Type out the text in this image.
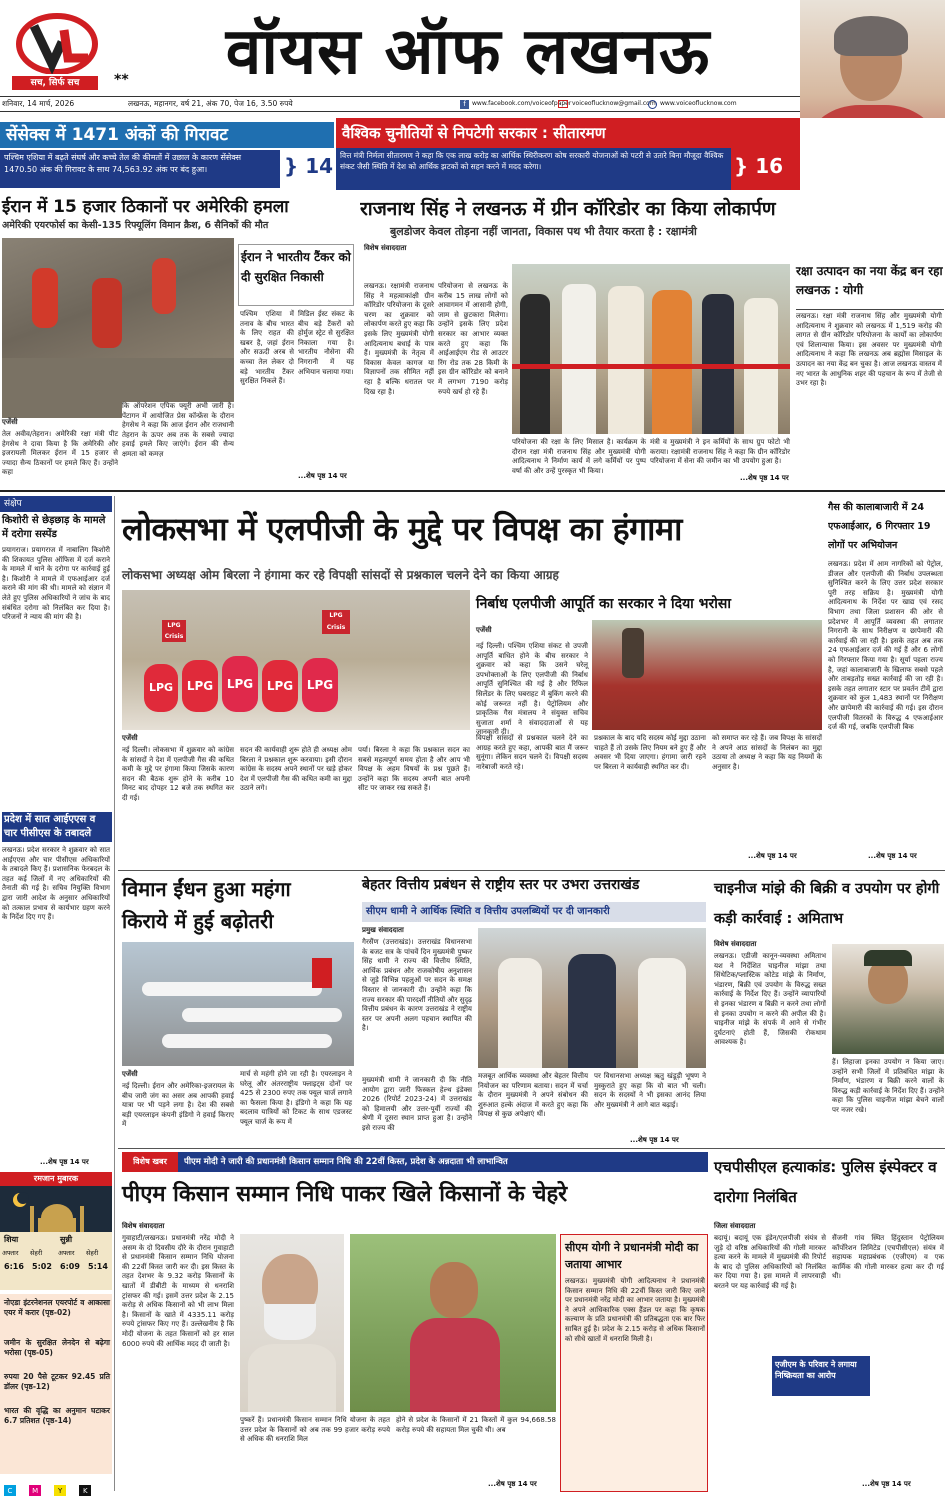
सच, सिर्फ सच	वॉयस ऑफ लखनऊ
**
शनिवार, 14 मार्च, 2026	लखनऊ, महानगर, वर्ष 21, अंक 70, पेज 16, 3.50 रुपये	f	www.facebook.com/voiceofpaper voiceoflucknow@gmail.com www.voiceoflucknow.com
सेंसेक्स में 1471 अंकों की गिरावट
पश्चिम एशिया में बढ़ते संघर्ष और कच्चे तेल की कीमतों में उछाल के कारण सेंसेक्स 1470.50 अंक की गिरावट के साथ 74,563.92 अंक पर बंद हुआ।	} 14
वैश्विक चुनौतियों से निपटेगी सरकार : सीतारमण
वित्त मंत्री निर्मला सीतारमण ने कहा कि एक लाख करोड़ का आर्थिक स्थिरीकरण कोष सरकारी योजनाओं को पटरी से उतारे बिना मौजूदा वैश्विक संकट जैसी स्थिति में देश को आर्थिक झटकों को सहन करने में मदद करेगा।	} 16
ईरान में 15 हजार ठिकानों पर अमेरिकी हमला
अमेरिकी एयरफोर्स का केसी-135 रिफ्यूलिंग विमान क्रैश, 6 सैनिकों की मौत
ईरान ने भारतीय टैंकर को दी सुरक्षित निकासी
पश्चिम एशिया में तनाव के बीच भारत के लिए राहत की खबर है, जहां ईरान और सऊदी अरब से कच्चा तेल लेकर दो बड़े भारतीय टैंकर सुरक्षित निकले हैं।
मिडिल ईस्ट संकट के बीच बड़े टैंकरों को होर्मुज स्ट्रेट से सुरक्षित निकाला गया है। भारतीय नौसेना की निगरानी में यह अभियान चलाया गया।
...शेष पृष्ठ 14 पर
एजेंसी
तेल अवीव/तेहरान। अमेरिकी रक्षा मंत्री पीट हेगसेथ ने दावा किया है कि अमेरिकी और इजरायली मिलकर ईरान में 15 हजार से ज्यादा सैन्य ठिकानों पर हमले किए हैं। उन्होंने कहा
कि ऑपरेशन एपिक फ्यूरी अभी जारी है। पेंटागन में आयोजित प्रेस कॉन्फ्रेंस के दौरान हेगसेथ ने कहा कि आज ईरान और राजधानी तेहरान के ऊपर अब तक के सबसे ज्यादा हवाई हमले किए जाएंगे। ईरान की सैन्य क्षमता को कमज़
राजनाथ सिंह ने लखनऊ में ग्रीन कॉरिडोर का किया लोकार्पण
बुलडोजर केवल तोड़ना नहीं जानता, विकास पथ भी तैयार करता है : रक्षामंत्री
विशेष संवाददाता
लखनऊ। रक्षामंत्री राजनाथ सिंह ने महत्वाकांक्षी ग्रीन कॉरिडोर परियोजना के दूसरे चरण का शुक्रवार को लोकार्पण करते हुए कहा कि इसके लिए मुख्यमंत्री योगी आदित्यनाथ बधाई के पात्र हैं। मुख्यमंत्री के नेतृत्व में विकास केवल कागज या विज्ञापनों तक सीमित नहीं रहा है बल्कि धरातल पर दिख रहा है।
परियोजना से लखनऊ के करीब 15 लाख लोगों को आवागमन में आसानी होगी, जाम से छुटकारा मिलेगा। उन्होंने इसके लिए प्रदेश सरकार का आभार व्यक्त करते हुए कहा कि आईआईएम रोड से आउटर रिंग रोड तक 28 किमी के इस ग्रीन कॉरिडोर को बनाने में लगभग 7190 करोड़ रुपये खर्च हो रहे हैं।
परियोजना की रक्षा के लिए मिसाल है। कार्यक्रम के दौरान रक्षा मंत्री राजनाथ सिंह और मुख्यमंत्री योगी आदित्यनाथ ने निर्माण कार्य में लगे कर्मियों पर पुष्प वर्षा की और उन्हें पुरस्कृत भी किया।
मंत्री व मुख्यमंत्री ने इन कर्मियों के साथ ग्रुप फोटो भी कराया। रक्षामंत्री राजनाथ सिंह ने कहा कि ग्रीन कॉरिडोर परियोजना में सेना की जमीन का भी उपयोग हुआ है।
...शेष पृष्ठ 14 पर
रक्षा उत्पादन का नया केंद्र बन रहा लखनऊ : योगी
लखनऊ। रक्षा मंत्री राजनाथ सिंह और मुख्यमंत्री योगी आदित्यनाथ ने शुक्रवार को लखनऊ में 1,519 करोड़ की लागत से ग्रीन कॉरिडोर परियोजना के कार्यों का लोकार्पण एवं शिलान्यास किया। इस अवसर पर मुख्यमंत्री योगी आदित्यनाथ ने कहा कि लखनऊ अब ब्रह्मोस मिसाइल के उत्पादन का नया केंद्र बन चुका है। आज लखनऊ वास्तव में नए भारत के आधुनिक शहर की पहचान के रूप में तेजी से उभर रहा है।
संक्षेप
किशोरी से छेड़छाड़ के मामले में दरोगा सस्पेंड
प्रयागराज। प्रयागराज में नाबालिग किशोरी की शिकायत पुलिस ऑफिस में दर्ज कराने के मामले में थाने के दरोगा पर कार्रवाई हुई है। किशोरी ने मामले में एफआईआर दर्ज कराने की मांग की थी। मामले को संज्ञान में लेते हुए पुलिस अधिकारियों ने जांच के बाद संबंधित दरोगा को निलंबित कर दिया है। परिजनों ने न्याय की मांग की है।
प्रदेश में सात आईएएस व चार पीसीएस के तबादले
लखनऊ। प्रदेश सरकार ने शुक्रवार को सात आईएएस और चार पीसीएस अधिकारियों के तबादले किए हैं। प्रशासनिक फेरबदल के तहत कई जिलों में नए अधिकारियों की तैनाती की गई है। सचिव नियुक्ति विभाग द्वारा जारी आदेश के अनुसार अधिकारियों को तत्काल प्रभाव से कार्यभार ग्रहण करने के निर्देश दिए गए हैं।
...शेष पृष्ठ 14 पर
रमजान मुबारक
शिया	सुन्नी
अफ्तार सेहरी अफ्तार सेहरी
6:16 5:02 6:09 5:14
नोएडा इंटरनेशनल एयरपोर्ट व आकासा एयर में करार (पृष्ठ-02)
जमीन के सुरक्षित लेनदेन से बढ़ेगा भरोसा (पृष्ठ-05)
रुपया 20 पैसे टूटकर 92.45 प्रति डॉलर (पृष्ठ-12)
भारत की वृद्धि का अनुमान घटाकर 6.7 प्रतिशत (पृष्ठ-14)
C	M	Y	K
लोकसभा में एलपीजी के मुद्दे पर विपक्ष का हंगामा
लोकसभा अध्यक्ष ओम बिरला ने हंगामा कर रहे विपक्षी सांसदों से प्रश्नकाल चलने देने का किया आग्रह
LPG Crisis
LPG Crisis
LPG	LPG	LPG	LPG
LPG
निर्बाध एलपीजी आपूर्ति का सरकार ने दिया भरोसा
एजेंसी
नई दिल्ली। पश्चिम एशिया संकट से उपजी आपूर्ति बाधित होने के बीच सरकार ने शुक्रवार को कहा कि उसने घरेलू उपभोक्ताओं के लिए एलपीजी की निर्बाध आपूर्ति सुनिश्चित की गई है और रिफिल सिलेंडर के लिए घबराहट में बुकिंग करने की कोई जरूरत नहीं है। पेट्रोलियम और प्राकृतिक गैस मंत्रालय ने संयुक्त सचिव सुजाता शर्मा ने संवाददाताओं से यह जानकारी दी।
एजेंसी
नई दिल्ली। लोकसभा में शुक्रवार को कांग्रेस के सांसदों ने देश में एलपीजी गैस की कथित कमी के मुद्दे पर हंगामा किया जिसके कारण सदन की बैठक शुरू होने के करीब 10 मिनट बाद दोपहर 12 बजे तक स्थगित कर दी गई।
सदन की कार्यवाही शुरू होते ही अध्यक्ष ओम बिरला ने प्रश्नकाल शुरू करवाया। इसी दौरान कांग्रेस के सदस्य अपने स्थानों पर खड़े होकर देश में एलपीजी गैस की कथित कमी का मुद्दा उठाने लगे।
पर्या। बिरला ने कहा कि प्रश्नकाल सदन का सबसे महत्वपूर्ण समय होता है और आप भी विपक्ष के अहम विषयों के प्रश्न पूछते हैं। उन्होंने कहा कि सदस्य अपनी बात अपनी सीट पर जाकर रख सकते हैं।
विपक्षी सांसदों से प्रश्नकाल चलने देने का आग्रह करते हुए कहा, आपकी बात मैं जरूर सुनूंगा। लेकिन सदन चलने दें। विपक्षी सदस्य नारेबाजी करते रहे।
प्रश्नकाल के बाद यदि सदस्य कोई मुद्दा उठाना चाहते हैं तो उसके लिए नियम बने हुए हैं और अवसर भी दिया जाएगा। हंगामा जारी रहने पर बिरला ने कार्यवाही स्थगित कर दी।
को समाप्त कर रहे हैं। जब विपक्ष के सांसदों ने अपने आठ सांसदों के निलंबन का मुद्दा उठाया तो अध्यक्ष ने कहा कि यह नियमों के अनुसार है।
...शेष पृष्ठ 14 पर
गैस की कालाबाजारी में 24 एफआईआर, 6 गिरफ्तार 19 लोगों पर अभियोजन
लखनऊ। प्रदेश में आम नागरिकों को पेट्रोल, डीजल और एलपीजी की निर्बाध उपलब्धता सुनिश्चित करने के लिए उत्तर प्रदेश सरकार पूरी तरह सक्रिय है। मुख्यमंत्री योगी आदित्यनाथ के निर्देश पर खाद्य एवं रसद विभाग तथा जिला प्रशासन की ओर से प्रदेशभर में आपूर्ति व्यवस्था की लगातार निगरानी के साथ निरीक्षण व छापेमारी की कार्रवाई की जा रही है। इसके तहत अब तक 24 एफआईआर दर्ज की गई हैं और 6 लोगों को गिरफ्तार किया गया है। सूर्या पहला राज्य है, जहां कालाबाजारी के खिलाफ सबसे पहले और ताबड़तोड़ सख्त कार्रवाई की जा रही है। इसके तहत लगातार स्टार पर प्रवर्तन टीमें द्वारा शुक्रवार को कुल 1,483 स्थानों पर निरीक्षण और छापेमारी की कार्रवाई की गई। इस दौरान एलपीजी वितरकों के विरुद्ध 4 एफआईआर दर्ज की गई, जबकि एलपीजी बिक
...शेष पृष्ठ 14 पर
विमान ईंधन हुआ महंगा
किराये में हुई बढ़ोतरी
एजेंसी
नई दिल्ली। ईरान और अमेरिका-इजरायल के बीच जारी जंग का असर अब आपकी हवाई यात्रा पर भी पड़ने लगा है। देश की सबसे बड़ी एयरलाइन कंपनी इंडिगो ने हवाई किराए में
मार्च से महंगी होने जा रही है। एयरलाइन ने घरेलू और अंतरराष्ट्रीय फ्लाइट्स दोनों पर 425 से 2300 रुपए तक फ्यूल चार्ज लगाने का फैसला किया है। इंडिगो ने कहा कि यह बदलाव यात्रियों को टिकट के साथ एडजस्ट फ्यूल चार्ज के रूप में
बेहतर वित्तीय प्रबंधन से राष्ट्रीय स्तर पर उभरा उत्तराखंड
सीएम धामी ने आर्थिक स्थिति व वित्तीय उपलब्धियों पर दी जानकारी
प्रमुख संवाददाता
गैरसैंण (उत्तराखंड)। उत्तराखंड विधानसभा के बजट सत्र के पांचवें दिन मुख्यमंत्री पुष्कर सिंह धामी ने राज्य की वित्तीय स्थिति, आर्थिक प्रबंधन और राजकोषीय अनुशासन से जुड़े विभिन्न पहलुओं पर सदन के समक्ष विस्तार से जानकारी दी। उन्होंने कहा कि राज्य सरकार की पारदर्शी नीतियों और सुदृढ़ वित्तीय प्रबंधन के कारण उत्तराखंड ने राष्ट्रीय स्तर पर अपनी अलग पहचान स्थापित की है।
मुख्यमंत्री धामी ने जानकारी दी कि नीति आयोग द्वारा जारी फिस्कल हेल्थ इंडेक्स 2026 (रिपोर्ट 2023-24) में उत्तराखंड को हिमालयी और उत्तर-पूर्वी राज्यों की श्रेणी में दूसरा स्थान प्राप्त हुआ है। उन्होंने इसे राज्य की
मजबूत आर्थिक व्यवस्था और बेहतर वित्तीय नियोजन का परिणाम बताया। सदन में चर्चा के दौरान मुख्यमंत्री ने अपने संबोधन की शुरुआत हल्के अंदाज में करते हुए कहा कि विपक्ष से कुछ अपेक्षाएं थीं।
पर विधानसभा अध्यक्ष ऋतु खंडूड़ी भूषण ने मुस्कुराते हुए कहा कि वो बात भी चली। सदन के सदस्यों ने भी इसका आनंद लिया और मुख्यमंत्री ने आगे बात बढ़ाई।
...शेष पृष्ठ 14 पर
चाइनीज मांझे की बिक्री व उपयोग पर होगी कड़ी कार्रवाई : अमिताभ
विशेष संवाददाता
लखनऊ। एडीजी कानून-व्यवस्था अमिताभ यश ने निर्देशित चाइनीज मांझा तथा सिंथेटिक/प्लास्टिक कोटेड मांझे के निर्माण, भंडारण, बिक्री एवं उपयोग के विरुद्ध सख्त कार्रवाई के निर्देश दिए हैं। उन्होंने व्यापारियों से इनका भंडारण व बिक्री न करने तथा लोगों से इनका उपयोग न करने की अपील की है। चाइनीज मांझे के संपर्क में आने से गंभीर दुर्घटनाएं होती हैं, जिसकी रोकथाम आवश्यक है।
हैं। लिहाजा इनका उपयोग न किया जाए। उन्होंने सभी जिलों में प्रतिबंधित मांझा के निर्माण, भंडारण व बिक्री करने वालों के विरुद्ध कड़ी कार्रवाई के निर्देश दिए हैं। उन्होंने कहा कि पुलिस चाइनीज मांझा बेचने वालों पर नजर रखे।
विशेष खबर	पीएम मोदी ने जारी की प्रधानमंत्री किसान सम्मान निधि की 22वीं किस्त, प्रदेश के अन्नदाता भी लाभान्वित
पीएम किसान सम्मान निधि पाकर खिले किसानों के चेहरे
विशेष संवाददाता
गुवाहाटी/लखनऊ। प्रधानमंत्री नरेंद्र मोदी ने असम के दो दिवसीय दौरे के दौरान गुवाहाटी से प्रधानमंत्री किसान सम्मान निधि योजना की 22वीं किस्त जारी कर दी। इस किस्त के तहत देशभर के 9.32 करोड़ किसानों के खातों में डीबीटी के माध्यम से धनराशि ट्रांसफर की गई। इसमें उत्तर प्रदेश के 2.15 करोड़ से अधिक किसानों को भी लाभ मिला है। किसानों के खाते में 4335.11 करोड़ रुपये ट्रांसफर किए गए हैं। उल्लेखनीय है कि मोदी योजना के तहत किसानों को हर साल 6000 रुपये की आर्थिक मदद दी जाती है।
पुष्करें हैं। प्रधानमंत्री किसान सम्मान निधि योजना के तहत उत्तर प्रदेश के किसानों को अब तक 99 हजार करोड़ रुपये से अधिक की धनराशि मिल
होने से प्रदेश के किसानों में 21 किस्तों में कुल 94,668.58 करोड़ रुपये की सहायता मिल चुकी थी। अब
...शेष पृष्ठ 14 पर
सीएम योगी ने प्रधानमंत्री मोदी का जताया आभार
लखनऊ। मुख्यमंत्री योगी आदित्यनाथ ने प्रधानमंत्री किसान सम्मान निधि की 22वीं किस्त जारी किए जाने पर प्रधानमंत्री नरेंद्र मोदी का आभार जताया है। मुख्यमंत्री ने अपने आधिकारिक एक्स हैंडल पर कहा कि कृषक कल्याण के प्रति प्रधानमंत्री की प्रतिबद्धता एक बार फिर साबित हुई है। प्रदेश के 2.15 करोड़ से अधिक किसानों को सीधे खातों में धनराशि मिली है।
एचपीसीएल हत्याकांड: पुलिस इंस्पेक्टर व दारोगा निलंबित
जिला संवाददाता
बदायूं। बदायूं एक इंडेन/एलपीजी संयंत्र से जुड़े दो वरिष्ठ अधिकारियों की गोली मारकर हत्या करने के मामले में मुख्यमंत्री की रिपोर्ट के बाद दो पुलिस अधिकारियों को निलंबित कर दिया गया है। इस मामले में लापरवाही बरतने पर यह कार्रवाई की गई है।
सैंजनी गांव स्थित हिंदुस्तान पेट्रोलियम कॉर्पोरेशन लिमिटेड (एचपीसीएल) संयंत्र में सहायक महाप्रबंधक (एजीएम) व एक कार्मिक की गोली मारकर हत्या कर दी गई थी।
एजीएम के परिवार ने लगाया निष्क्रियता का आरोप
...शेष पृष्ठ 14 पर
